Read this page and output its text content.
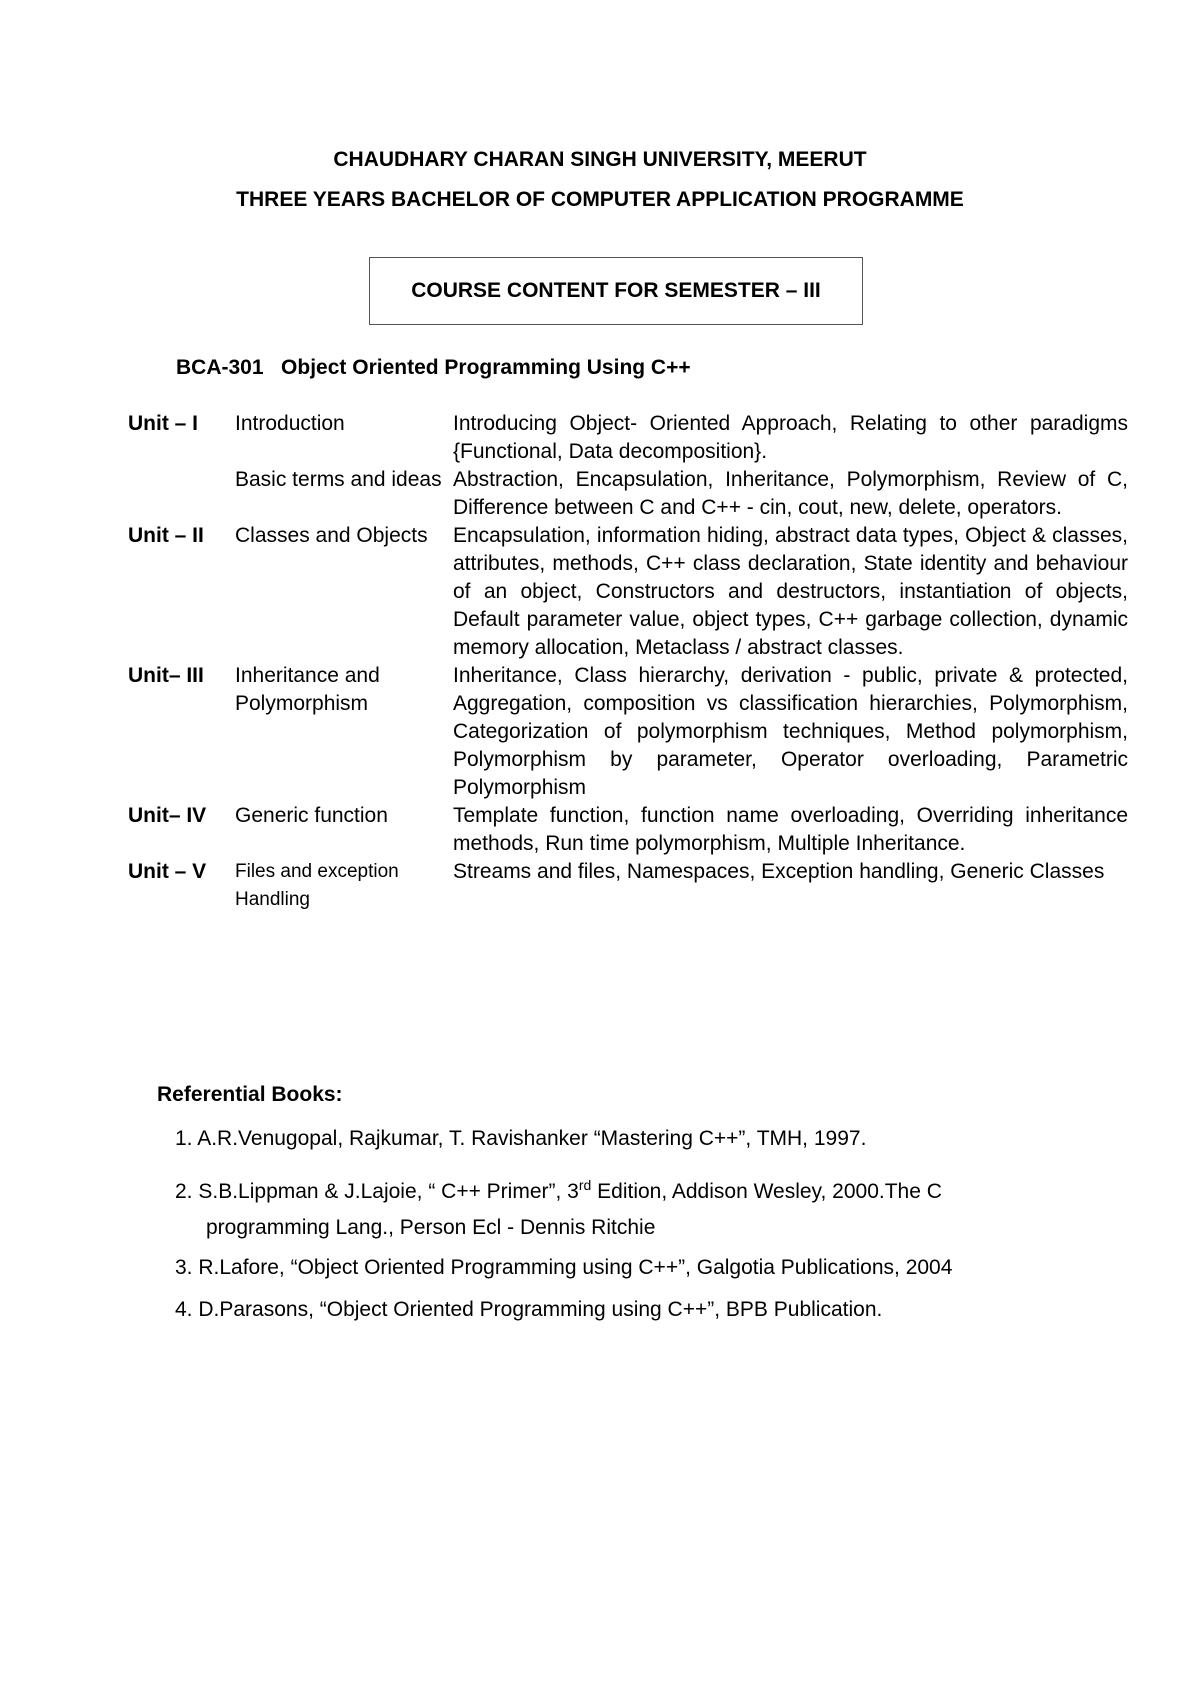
CHAUDHARY CHARAN SINGH UNIVERSITY, MEERUT
THREE YEARS BACHELOR OF COMPUTER APPLICATION PROGRAMME
COURSE CONTENT FOR SEMESTER – III
BCA-301 Object Oriented Programming Using C++
Unit – I	Introduction	Introducing Object- Oriented Approach, Relating to other paradigms {Functional, Data decomposition}.
	Basic terms and ideas	Abstraction, Encapsulation, Inheritance, Polymorphism, Review of C, Difference between C and C++ - cin, cout, new, delete, operators.
Unit – II	Classes and Objects	Encapsulation, information hiding, abstract data types, Object & classes, attributes, methods, C++ class declaration, State identity and behaviour of an object, Constructors and destructors, instantiation of objects, Default parameter value, object types, C++ garbage collection, dynamic memory allocation, Metaclass / abstract classes.
Unit– III	Inheritance and Polymorphism	Inheritance, Class hierarchy, derivation - public, private & protected, Aggregation, composition vs classification hierarchies, Polymorphism, Categorization of polymorphism techniques, Method polymorphism, Polymorphism by parameter, Operator overloading, Parametric Polymorphism
Unit– IV	Generic function	Template function, function name overloading, Overriding inheritance methods, Run time polymorphism, Multiple Inheritance.
Unit – V	Files and exception Handling	Streams and files, Namespaces, Exception handling, Generic Classes
Referential Books:
1. A.R.Venugopal, Rajkumar, T. Ravishanker “Mastering C++”, TMH, 1997.
2. S.B.Lippman & J.Lajoie, “ C++ Primer”, 3rd Edition, Addison Wesley, 2000.The C
programming Lang., Person Ecl - Dennis Ritchie
3. R.Lafore, “Object Oriented Programming using C++”, Galgotia Publications, 2004
4. D.Parasons, “Object Oriented Programming using C++”, BPB Publication.
